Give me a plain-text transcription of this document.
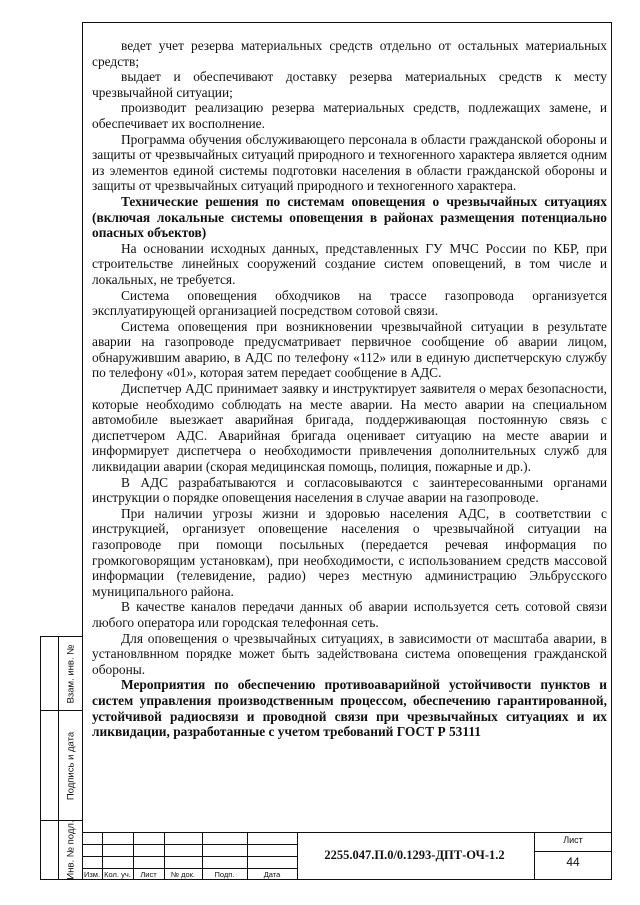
Взам. инв. №
Подпись и дата
Инв. № подл.

ведет учет резерва материальных средств отдельно от остальных материальных средств;

выдает и обеспечивают доставку резерва материальных средств к месту чрезвычайной ситуации;

производит реализацию резерва материальных средств, подлежащих замене, и обеспечивает их восполнение.

Программа обучения обслуживающего персонала в области гражданской обороны и защиты от чрезвычайных ситуаций природного и техногенного характера является одним из элементов единой системы подготовки населения в области гражданской обороны и защиты от чрезвычайных ситуаций природного и техногенного характера.

Технические решения по системам оповещения о чрезвычайных ситуациях (включая локальные системы оповещения в районах размещения потенциально опасных объектов)

На основании исходных данных, представленных ГУ МЧС России по КБР, при строительстве линейных сооружений создание систем оповещений, в том числе и локальных, не требуется.

Система оповещения обходчиков на трассе газопровода организуется эксплуатирующей организацией посредством сотовой связи.

Система оповещения при возникновении чрезвычайной ситуации в результате аварии на газопроводе предусматривает первичное сообщение об аварии лицом, обнаружившим аварию, в АДС по телефону «112» или в единую диспетчерскую службу по телефону «01», которая затем передает сообщение в АДС.

Диспетчер АДС принимает заявку и инструктирует заявителя о мерах безопасности, которые необходимо соблюдать на месте аварии. На место аварии на специальном автомобиле выезжает аварийная бригада, поддерживающая постоянную связь с диспетчером АДС. Аварийная бригада оценивает ситуацию на месте аварии и информирует диспетчера о необходимости привлечения дополнительных служб для ликвидации аварии (скорая медицинская помощь, полиция, пожарные и др.).

В АДС разрабатываются и согласовываются с заинтересованными органами инструкции о порядке оповещения населения в случае аварии на газопроводе.

При наличии угрозы жизни и здоровью населения АДС, в соответствии с инструкцией, организует оповещение населения о чрезвычайной ситуации на газопроводе при помощи посыльных (передается речевая информация по громкоговорящим установкам), при необходимости, с использованием средств массовой информации (телевидение, радио) через местную администрацию Эльбрусского муниципального района.

В качестве каналов передачи данных об аварии используется сеть сотовой связи любого оператора или городская телефонная сеть.

Для оповещения о чрезвычайных ситуациях, в зависимости от масштаба аварии, в установлвнном порядке может быть задействована система оповещения гражданской обороны.

Мероприятия по обеспечению противоаварийной устойчивости пунктов и систем управления производственным процессом, обеспечению гарантированной, устойчивой радиосвязи и проводной связи при чрезвычайных ситуациях и их ликвидации, разработанные с учетом требований ГОСТ Р 53111

Изм. Кол. уч.	Лист	№ док.	Подп.	Дата
2255.047.П.0/0.1293-ДПТ-ОЧ-1.2
Лист
44
